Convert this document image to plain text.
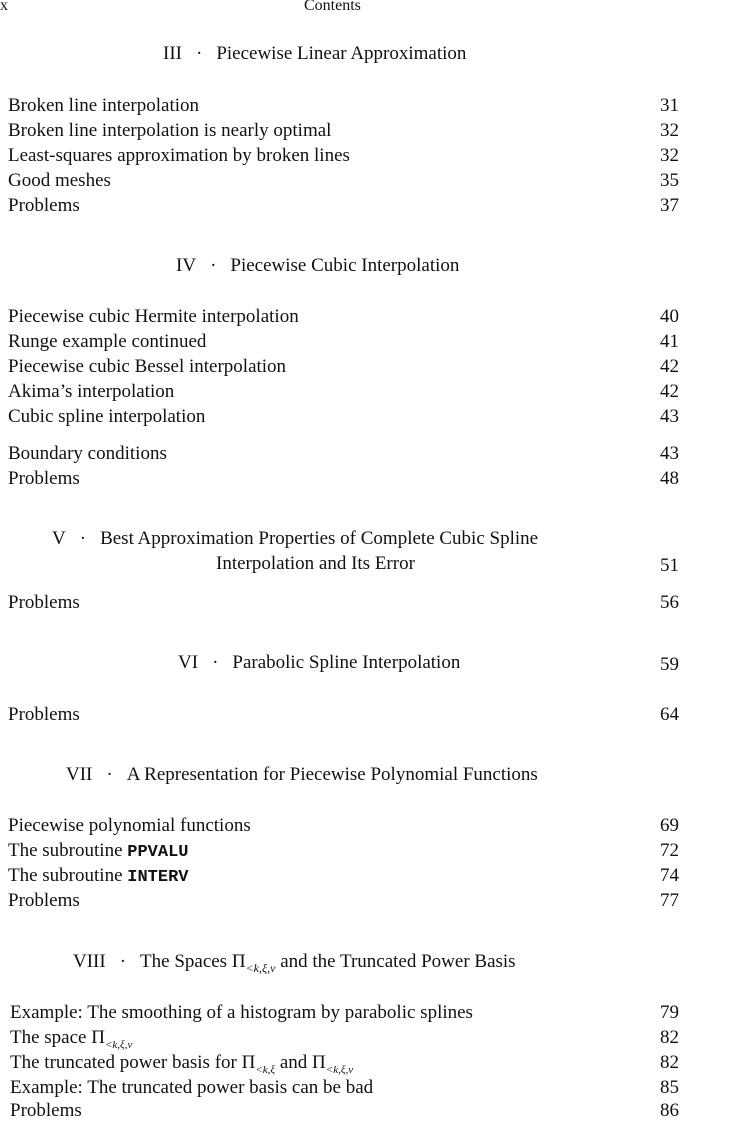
x	Contents
III · Piecewise Linear Approximation
Broken line interpolation	31
Broken line interpolation is nearly optimal	32
Least-squares approximation by broken lines	32
Good meshes	35
Problems	37
IV · Piecewise Cubic Interpolation
Piecewise cubic Hermite interpolation	40
Runge example continued	41
Piecewise cubic Bessel interpolation	42
Akima’s interpolation	42
Cubic spline interpolation	43
Boundary conditions	43
Problems	48
V · Best Approximation Properties of Complete Cubic Spline
Interpolation and Its Error	51
Problems	56
VI · Parabolic Spline Interpolation	59
Problems	64
VII · A Representation for Piecewise Polynomial Functions
Piecewise polynomial functions	69
The subroutine PPVALU	72
The subroutine INTERV	74
Problems	77
VIII · The Spaces $\Pi_{<k,\xi,\nu}$ and the Truncated Power Basis
Example: The smoothing of a histogram by parabolic splines	79
The space $\Pi_{<k,\xi,\nu}$	82
The truncated power basis for $\Pi_{<k,\xi}$ and $\Pi_{<k,\xi,\nu}$	82
Example: The truncated power basis can be bad	85
Problems	86
